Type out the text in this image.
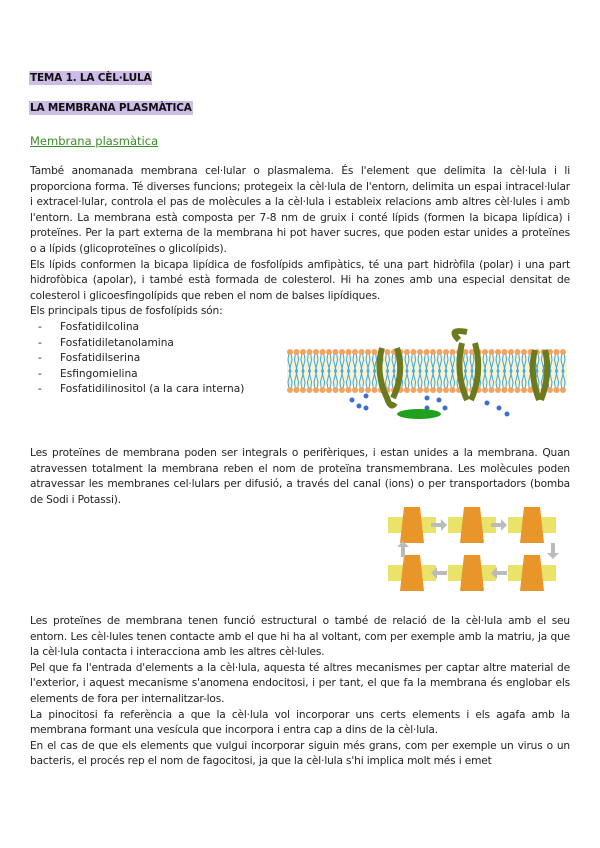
TEMA 1. LA CÈL·LULA
LA MEMBRANA PLASMÀTICA
Membrana plasmàtica
També anomanada membrana cel·lular o plasmalema. És l'element que delimita la cèl·lula i li proporciona forma. Té diverses funcions; protegeix la cèl·lula de l'entorn, delimita un espai intracel·lular i extracel·lular, controla el pas de molècules a la cèl·lula i estableix relacions amb altres cèl·lules i amb l'entorn. La membrana està composta per 7-8 nm de gruix i conté lípids (formen la bicapa lipídica) i proteïnes. Per la part externa de la membrana hi pot haver sucres, que poden estar unides a proteïnes o a lípids (glicoproteïnes o glicolípids).
Els lípids conformen la bicapa lipídica de fosfolípids amfipàtics, té una part hidròfila (polar) i una part hidrofòbica (apolar), i també està formada de colesterol. Hi ha zones amb una especial densitat de colesterol i glicoesfingolípids que reben el nom de balses lipídiques.
Els principals tipus de fosfolípids són:
- Fosfatidilcolina
- Fosfatidiletanolamina
- Fosfatidilserina
- Esfingomielina
- Fosfatidilinositol (a la cara interna)
Les proteïnes de membrana poden ser integrals o perifèriques, i estan unides a la membrana. Quan atravessen totalment la membrana reben el nom de proteïna transmembrana. Les molècules poden atravessar les membranes cel·lulars per difusió, a través del canal (ions) o per transportadors (bomba de Sodi i Potassi).
Les proteïnes de membrana tenen funció estructural o també de relació de la cèl·lula amb el seu entorn. Les cèl·lules tenen contacte amb el que hi ha al voltant, com per exemple amb la matriu, ja que la cèl·lula contacta i interacciona amb les altres cèl·lules.
Pel que fa l'entrada d'elements a la cèl·lula, aquesta té altres mecanismes per captar altre material de l'exterior, i aquest mecanisme s'anomena endocitosi, i per tant, el que fa la membrana és englobar els elements de fora per internalitzar-los.
La pinocitosi fa referència a que la cèl·lula vol incorporar uns certs elements i els agafa amb la membrana formant una vesícula que incorpora i entra cap a dins de la cèl·lula.
En el cas de que els elements que vulgui incorporar siguin més grans, com per exemple un virus o un bacteris, el procés rep el nom de fagocitosi, ja que la cèl·lula s'hi implica molt més i emet
